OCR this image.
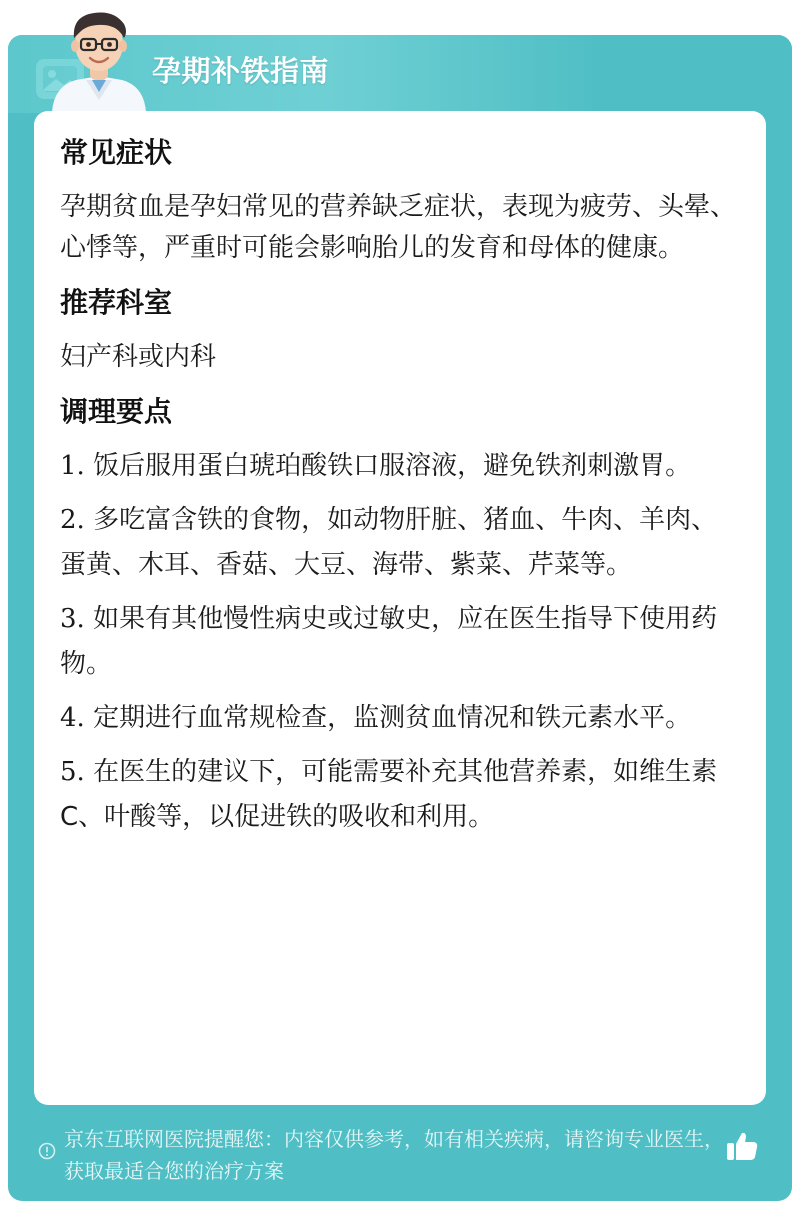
孕期补铁指南
常见症状

孕期贫血是孕妇常见的营养缺乏症状，表现为疲劳、头晕、心悸等，严重时可能会影响胎儿的发育和母体的健康。

推荐科室

妇产科或内科

调理要点
1. 饭后服用蛋白琥珀酸铁口服溶液，避免铁剂刺激胃。
2. 多吃富含铁的食物，如动物肝脏、猪血、牛肉、羊肉、蛋黄、木耳、香菇、大豆、海带、紫菜、芹菜等。
3. 如果有其他慢性病史或过敏史，应在医生指导下使用药物。
4. 定期进行血常规检查，监测贫血情况和铁元素水平。
5. 在医生的建议下，可能需要补充其他营养素，如维生素C、叶酸等，以促进铁的吸收和利用。
京东互联网医院提醒您：内容仅供参考，如有相关疾病，请咨询专业医生，获取最适合您的治疗方案
